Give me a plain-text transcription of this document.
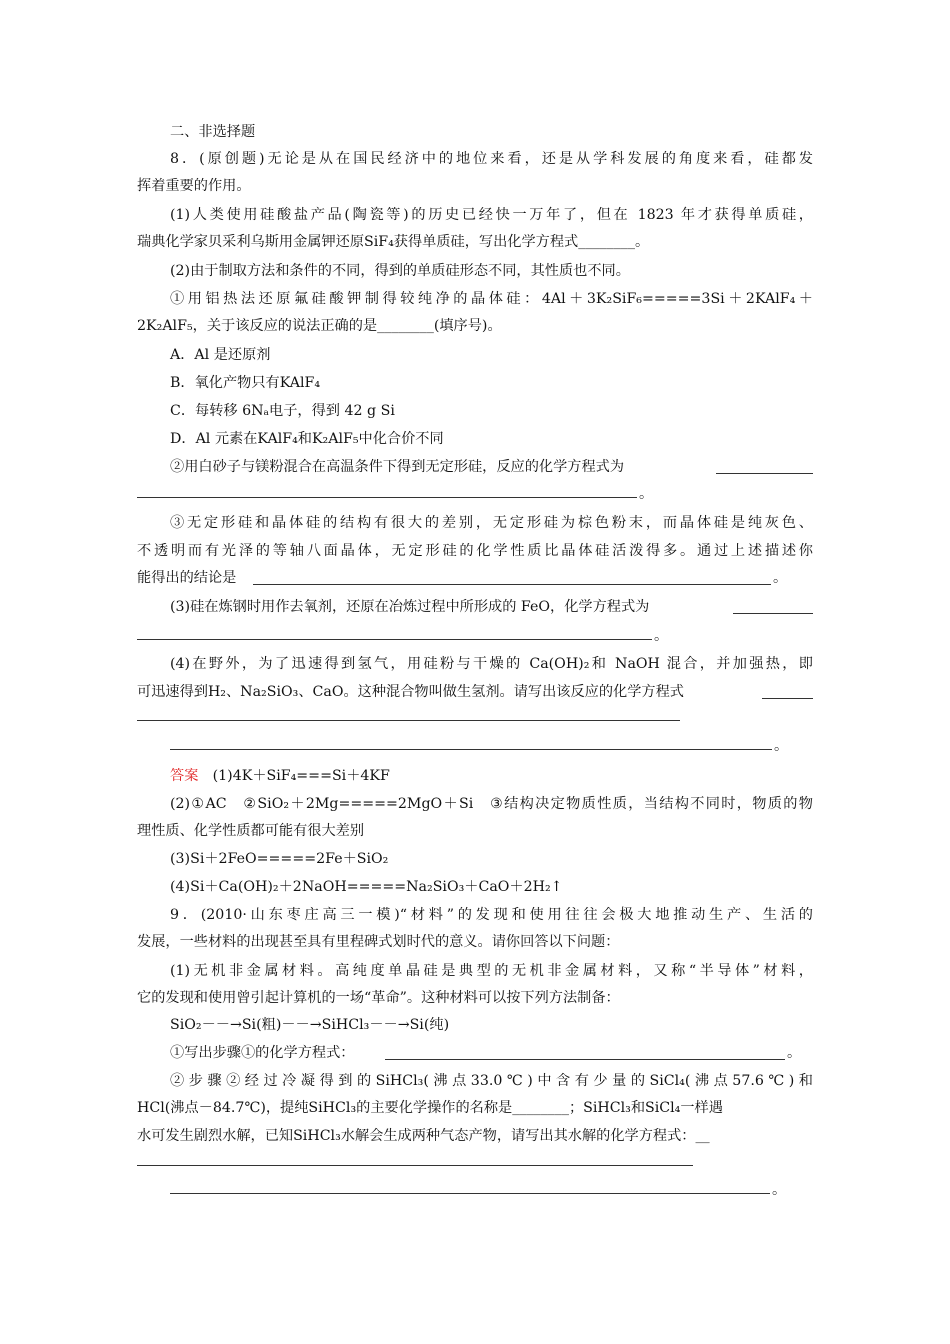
二、非选择题
8．(原创题)无论是从在国民经济中的地位来看，还是从学科发展的角度来看，硅都发
挥着重要的作用。
(1)人类使用硅酸盐产品(陶瓷等)的历史已经快一万年了，但在 1823 年才获得单质硅，
瑞典化学家贝采利乌斯用金属钾还原SiF₄获得单质硅，写出化学方程式________。
(2)由于制取方法和条件的不同，得到的单质硅形态不同，其性质也不同。
①用铝热法还原氟硅酸钾制得较纯净的晶体硅：4Al＋3K₂SiF₆=====3Si＋2KAlF₄＋
2K₂AlF₅，关于该反应的说法正确的是________(填序号)。
A．Al 是还原剂
B．氧化产物只有KAlF₄
C．每转移 6Nₐ电子，得到 42 g Si
D．Al 元素在KAlF₄和K₂AlF₅中化合价不同
②用白砂子与镁粉混合在高温条件下得到无定形硅，反应的化学方程式为
。
③无定形硅和晶体硅的结构有很大的差别，无定形硅为棕色粉末，而晶体硅是纯灰色、
不透明而有光泽的等轴八面晶体，无定形硅的化学性质比晶体硅活泼得多。通过上述描述你
能得出的结论是	。
(3)硅在炼钢时用作去氧剂，还原在冶炼过程中所形成的 FeO，化学方程式为
。
(4)在野外，为了迅速得到氢气，用硅粉与干燥的 Ca(OH)₂和 NaOH 混合，并加强热，即
可迅速得到H₂、Na₂SiO₃、CaO。这种混合物叫做生氢剂。请写出该反应的化学方程式
。
答案　 (1)4K＋SiF₄===Si＋4KF
(2)①AC　②SiO₂＋2Mg=====2MgO＋Si　③结构决定物质性质，当结构不同时，物质的物
理性质、化学性质都可能有很大差别
(3)Si＋2FeO=====2Fe＋SiO₂
(4)Si＋Ca(OH)₂＋2NaOH=====Na₂SiO₃＋CaO＋2H₂↑
9．(2010·山东枣庄高三一模)“材料”的发现和使用往往会极大地推动生产、生活的
发展，一些材料的出现甚至具有里程碑式划时代的意义。请你回答以下问题：
(1)无机非金属材料。高纯度单晶硅是典型的无机非金属材料，又称“半导体”材料，
它的发现和使用曾引起计算机的一场“革命”。这种材料可以按下列方法制备：
SiO₂－－→Si(粗)－－→SiHCl₃－－→Si(纯)
①写出步骤①的化学方程式：	。
②步骤②经过冷凝得到的SiHCl₃(沸点33.0℃)中含有少量的SiCl₄(沸点57.6℃)和
HCl(沸点－84.7℃)，提纯SiHCl₃的主要化学操作的名称是________；SiHCl₃和SiCl₄一样遇
水可发生剧烈水解，已知SiHCl₃水解会生成两种气态产物，请写出其水解的化学方程式：__
。
